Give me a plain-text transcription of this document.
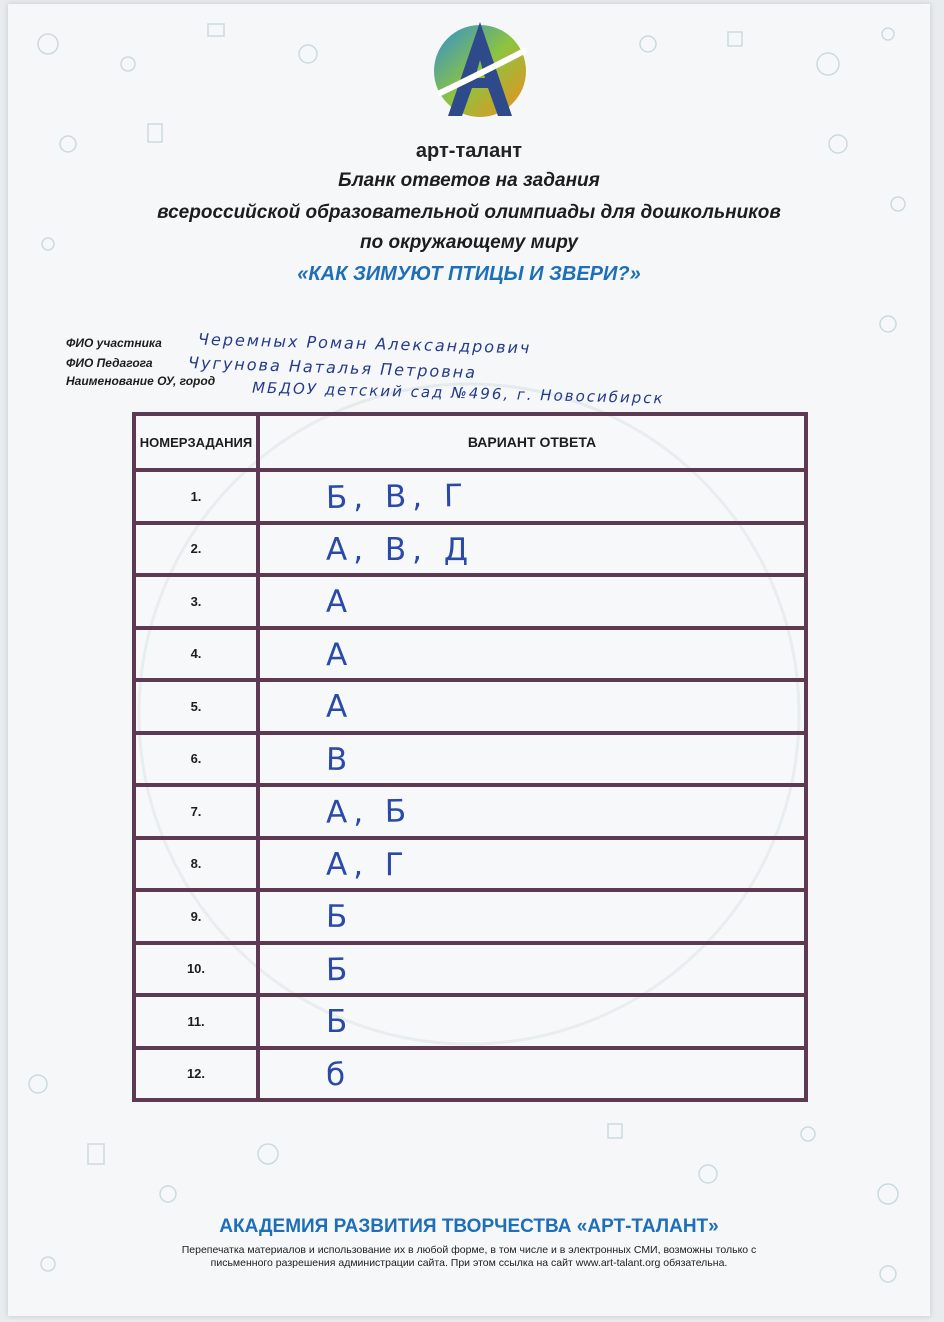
арт-талант
Бланк ответов на задания
всероссийской образовательной олимпиады для дошкольников
по окружающему миру
«КАК ЗИМУЮТ ПТИЦЫ И ЗВЕРИ?»
ФИО участника Черемных Роман Александрович
ФИО Педагога Чугунова Наталья Петровна
Наименование ОУ, город МБДОУ детский сад №496, г. Новосибирск
НОМЕР ЗАДАНИЯ	ВАРИАНТ ОТВЕТА
1.	Б, В, Г
2.	А, В, Д
3.	А
4.	А
5.	А
6.	В
7.	А, Б
8.	А, Г
9.	Б
10.	Б
11.	Б
12.	б
АКАДЕМИЯ РАЗВИТИЯ ТВОРЧЕСТВА «АРТ-ТАЛАНТ»
Перепечатка материалов и использование их в любой форме, в том числе и в электронных СМИ, возможны только с
письменного разрешения администрации сайта. При этом ссылка на сайт www.art-talant.org обязательна.
